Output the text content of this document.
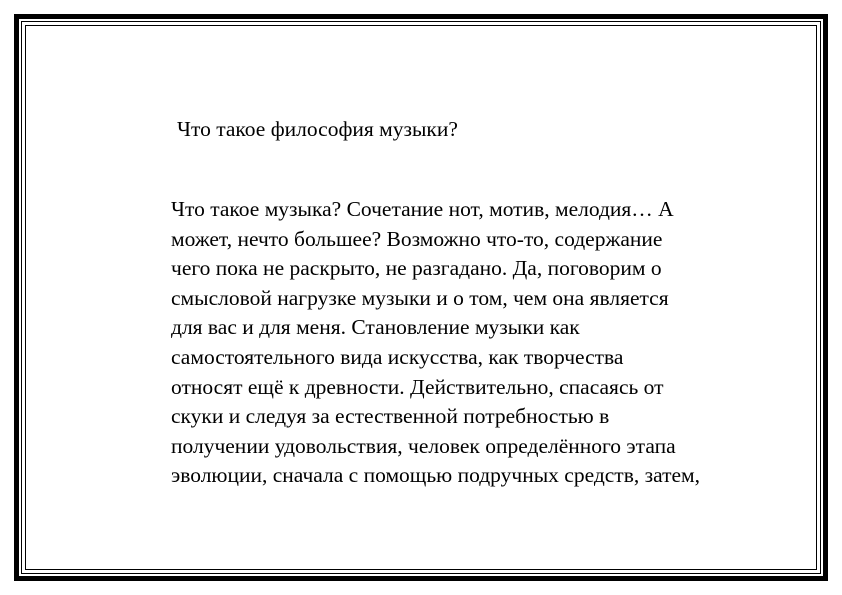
Что такое философия музыки?
Что такое музыка? Сочетание нот, мотив, мелодия… А
может, нечто большее? Возможно что-то, содержание
чего пока не раскрыто, не разгадано. Да, поговорим о
смысловой нагрузке музыки и о том, чем она является
для вас и для меня. Становление музыки как
самостоятельного вида искусства, как творчества
относят ещё к древности. Действительно, спасаясь от
скуки и следуя за естественной потребностью в
получении удовольствия, человек определённого этапа
эволюции, сначала с помощью подручных средств, затем,
